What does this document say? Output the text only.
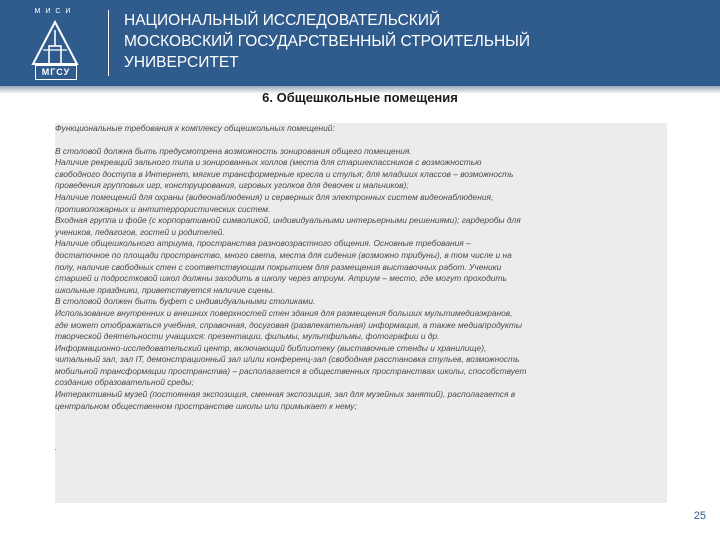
МИСИ
МГСУ
НАЦИОНАЛЬНЫЙ ИССЛЕДОВАТЕЛЬСКИЙ
МОСКОВСКИЙ ГОСУДАРСТВЕННЫЙ СТРОИТЕЛЬНЫЙ
УНИВЕРСИТЕТ
6. Общешкольные помещения

Функциональные требования к комплексу общешкольных помещений:

В столовой должна быть предусмотрена возможность зонирования общего помещения.

Наличие рекреаций зального типа и зонированных холлов (места для старшеклассников с возможностью

свободного доступа в Интернет, мягкие трансформерные кресла и стулья; для младших классов – возможность

проведения групповых игр, конструирования, игровых уголков для девочек и мальчиков);

Наличие помещений для охраны (видеонаблюдения) и серверных для электронных систем видеонаблюдения,

противопожарных и антитеррористических систем.

Входная группа и фойе (с корпоративной символикой, индивидуальными интерьерными решениями); гардеробы для

учеников, педагогов, гостей и родителей.

Наличие общешкольного атриума, пространства разновозрастного общения. Основные требования –

достаточное по площади пространство, много света, места для сидения (возможно трибуны), в том числе и на

полу, наличие свободных стен с соответствующим покрытием для размещения выставочных работ. Ученики

старшей и подростковой школ должны заходить в школу через атриум. Атриум – место, где могут проходить

школьные праздники, приветствуется наличие сцены.

В столовой должен быть буфет с индивидуальными столиками.

Использование внутренних и внешних поверхностей стен здания для размещения больших мультимедиаэкранов,

где может отображаться учебная, справочная, досуговая (развлекательная) информация, а также медиапродукты

творческой деятельности учащихся: презентации, фильмы, мультфильмы, фотографии и др.

Информационно-исследовательский центр, включающий библиотеку (выставочные стенды и хранилище),

читальный зал, зал IT, демонстрационный зал и/или конференц-зал (свободная расстановка стульев, возможность

мобильной трансформации пространства) – располагается в общественных пространствах школы, способствует

созданию образовательной среды;

Интерактивный музей (постоянная экспозиция, сменная экспозиция, зал для музейных занятий), располагается в

центральном общественном пространстве школы или примыкает к нему;

.

25
